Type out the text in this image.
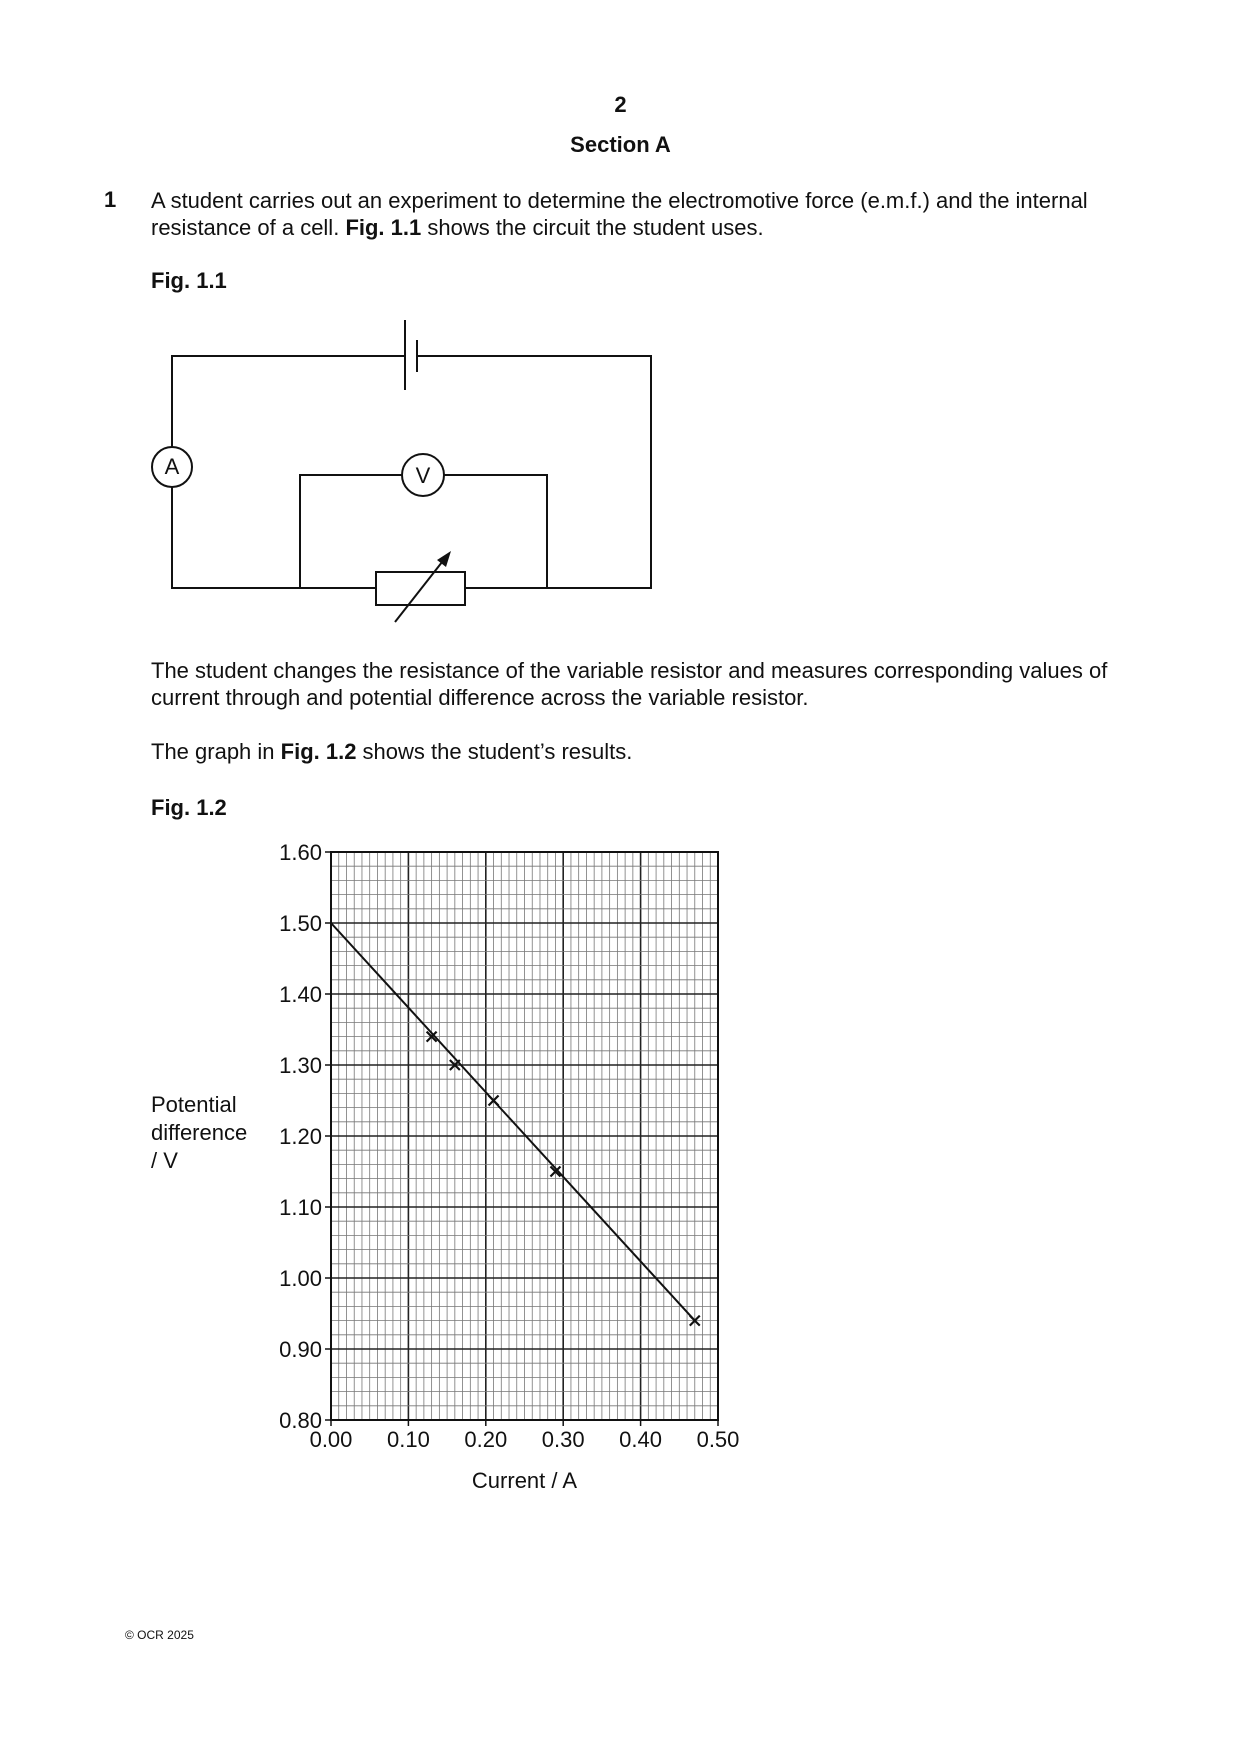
2
Section A
1 A student carries out an experiment to determine the electromotive force (e.m.f.) and the internal resistance of a cell. Fig. 1.1 shows the circuit the student uses.
Fig. 1.1
A	V
The student changes the resistance of the variable resistor and measures corresponding values of current through and potential difference across the variable resistor.
The graph in Fig. 1.2 shows the student’s results.
Fig. 1.2
0.80
0.90
1.00
1.10
1.20
1.30
1.40
1.50
1.60
0.00 0.10 0.20 0.30 0.40 0.50
Current / A
Potential
difference
/ V
© OCR 2025
